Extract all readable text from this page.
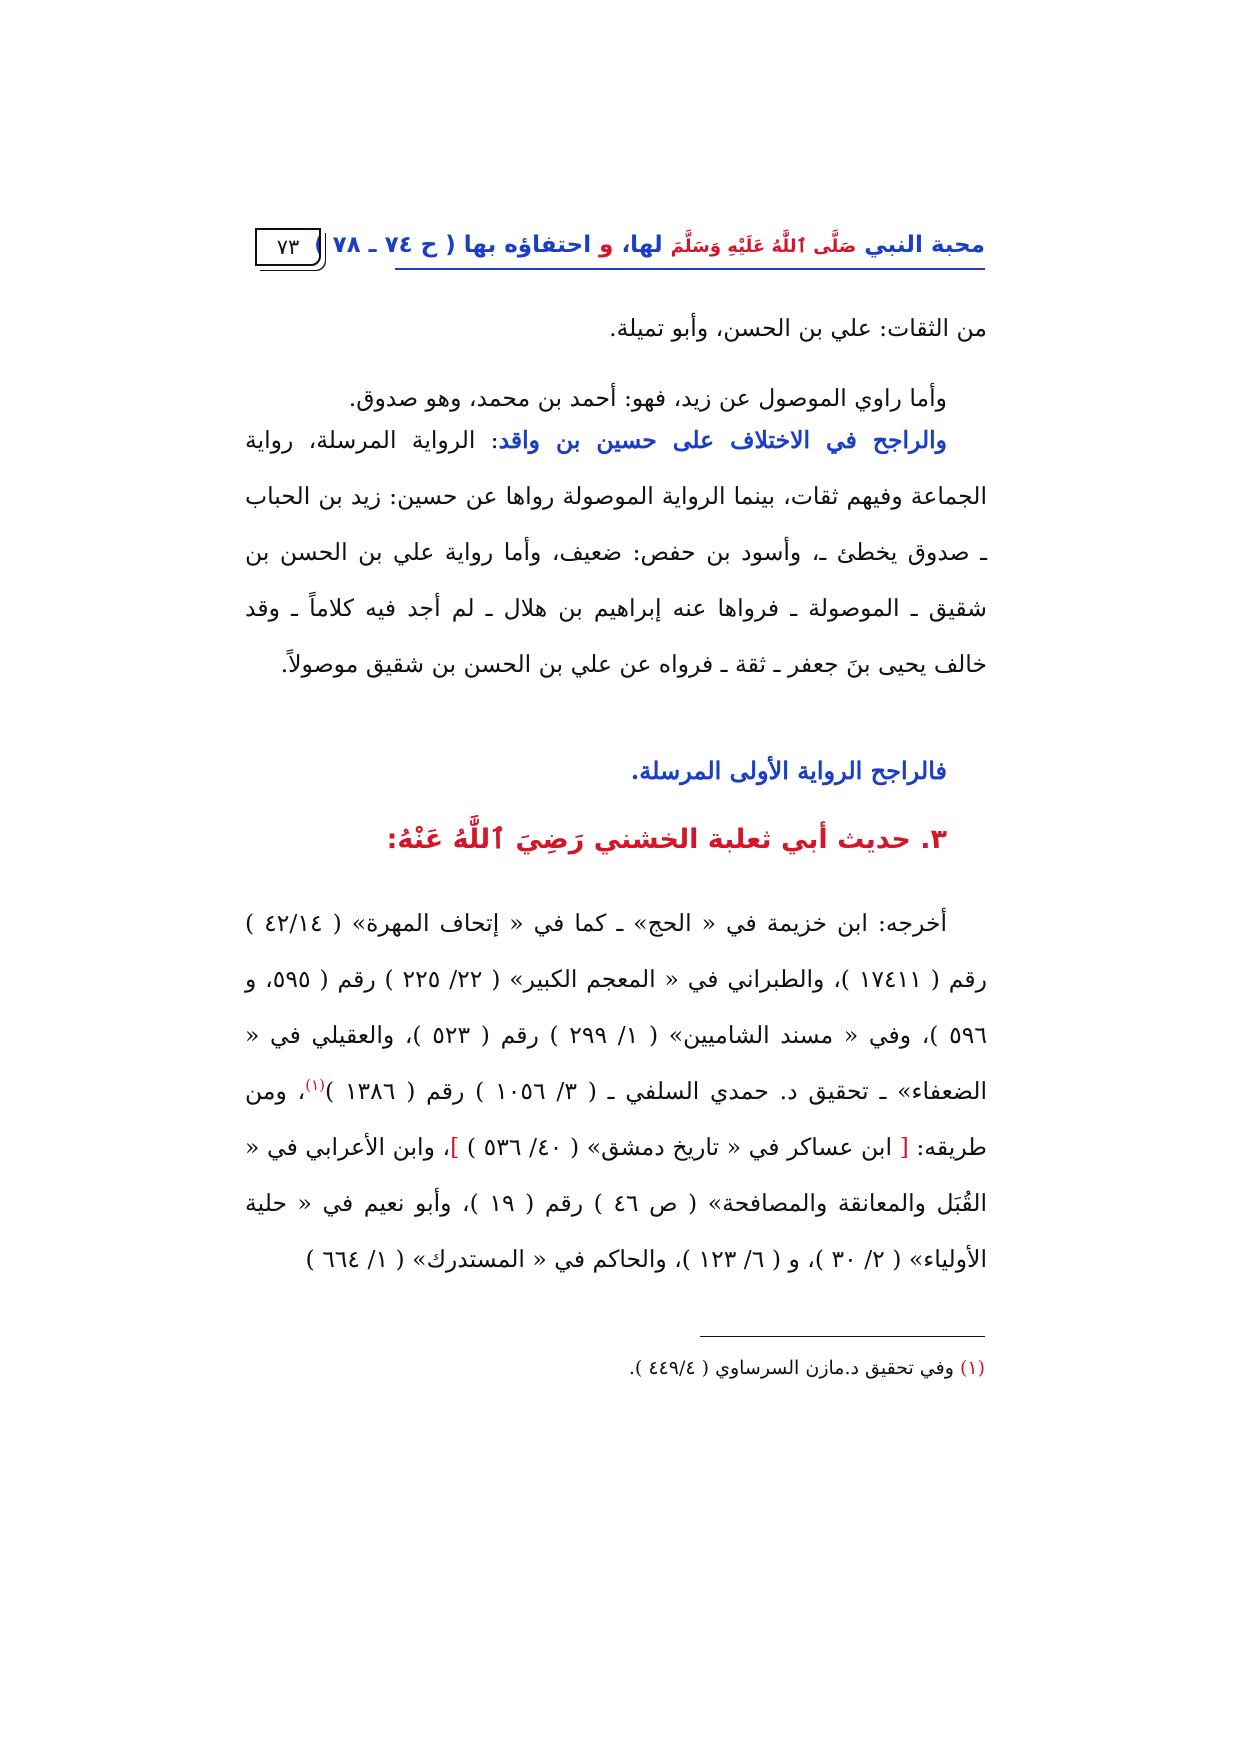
محبة النبي صَلَّى ٱللَّٰهُ عَلَيْهِ وَسَلَّمَ لها، و احتفاؤه بها ( ح ٧٤ ـ ٧٨ )
٧٣

من الثقات: علي بن الحسن، وأبو تميلة.

وأما راوي الموصول عن زيد، فهو: أحمد بن محمد، وهو صدوق.

والراجح في الاختلاف على حسين بن واقد: الرواية المرسلة، رواية الجماعة وفيهم ثقات، بينما الرواية الموصولة رواها عن حسين: زيد بن الحباب ـ صدوق يخطئ ـ، وأسود بن حفص: ضعيف، وأما رواية علي بن الحسن بن شقيق ـ الموصولة ـ فرواها عنه إبراهيم بن هلال ـ لم أجد فيه كلاماً ـ وقد خالف يحيى بنَ جعفر ـ ثقة ـ فرواه عن علي بن الحسن بن شقيق موصولاً.

فالراجح الرواية الأولى المرسلة.
٣. حديث أبي ثعلبة الخشني رَضِيَ ٱللَّٰهُ عَنْهُ:

أخرجه: ابن خزيمة في « الحج» ـ كما في « إتحاف المهرة» ( ٤٢/١٤ ) رقم ( ١٧٤١١ )، والطبراني في « المعجم الكبير» ( ٢٢/ ٢٢٥ ) رقم ( ٥٩٥، و ٥٩٦ )، وفي « مسند الشاميين» ( ١/ ٢٩٩ ) رقم ( ٥٢٣ )، والعقيلي في « الضعفاء» ـ تحقيق د. حمدي السلفي ـ ( ٣/ ١٠٥٦ ) رقم ( ١٣٨٦ )$^{(١)}$، ومن طريقه: [ ابن عساكر في « تاريخ دمشق» ( ٤٠/ ٥٣٦ ) ]، وابن الأعرابي في « القُبَل والمعانقة والمصافحة» ( ص ٤٦ ) رقم ( ١٩ )، وأبو نعيم في « حلية الأولياء» ( ٢/ ٣٠ )، و ( ٦/ ١٢٣ )، والحاكم في « المستدرك» ( ١/ ٦٦٤ )

(١) وفي تحقيق د.مازن السرساوي ( ٤٤٩/٤ ).
